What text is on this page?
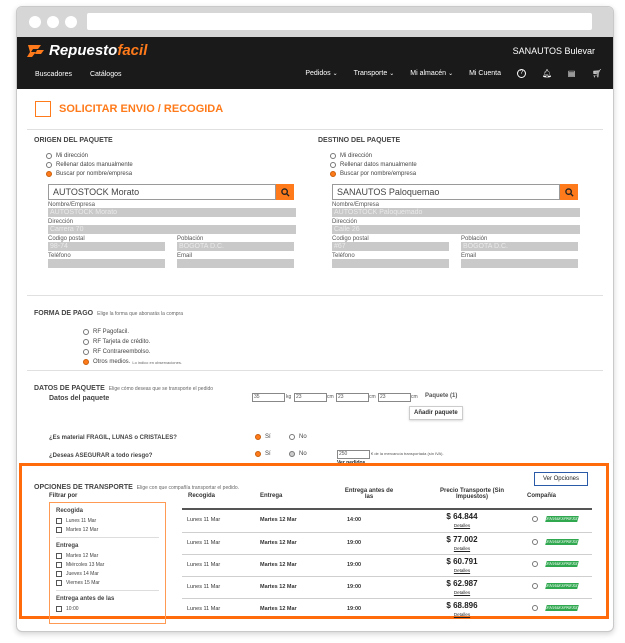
Repuestofacil	SANAUTOS Bulevar
Buscadores	Catálogos	Pedidos ⌄ Transporte ⌄ Mi almacén ⌄ Mi Cuenta	?	🔔︎ ▤ 🛒︎
SOLICITAR ENVIO / RECOGIDA
ORIGEN DEL PAQUETE
Mi dirección
Rellenar datos manualmente
Buscar por nombre/empresa
AUTOSTOCK Morato
Nombre/Empresa
AUTOSTOCK Morato
Dirección
Carrera 70
Codigo postal
98-74
Población
BOGOTA D.C.
Teléfono	Email
DESTINO DEL PAQUETE
Mi dirección
Rellenar datos manualmente
Buscar por nombre/empresa
SANAUTOS Paloquemao
Nombre/Empresa
AUTOSTOCK Paloquemado
Dirección
Calle 26
Codigo postal
#67
Población
BOGOTA D.C.
Teléfono	Email
FORMA DE PAGO Elige la forma que abonarás la compra
RF Pagofacil.
RF Tarjeta de crédito.
RF Contrareembolso.
Otros medios. Lo indico en observaciones.
DATOS DE PAQUETE Elige cómo deseas que se transporte el pedido
Datos del paquete	35	kg 23	cm 23	cm 23	cm Paquete (1)
Añadir paquete
¿Es material FRAGIL, LUNAS o CRISTALES?	Sí	No
¿Deseas ASEGURAR a todo riesgo?	Sí	No	250	€ de la mercancía transportada (sin IVA).
OPCIONES DE TRANSPORTE Elige con que compañía transportar el pedido.
Ver Opciones
Filtrar por
Recogida
Lunes 11 Mar
Martes 12 Mar
Entrega
Martes 12 Mar
Miércoles 13 Mar
Jueves 14 Mar
Viernes 15 Mar
Entrega antes de las
10:00
Recogida	Entrega
Entrega antes de las
Precio Transporte (Sin Impuestos)	Compañía
Lunes 11 Mar	Martes 12 Mar	14:00	$ 64.844
Detalles
ENVIAEXPRESS
Lunes 11 Mar	Martes 12 Mar	19:00	$ 77.002
Detalles
ENVIAEXPRESS
Lunes 11 Mar	Martes 12 Mar	19:00	$ 60.791
Detalles
ENVIAEXPRESS
Lunes 11 Mar	Martes 12 Mar	19:00	$ 62.987
Detalles
ENVIAEXPRESS
Lunes 11 Mar	Martes 12 Mar	19:00	$ 68.896
Detalles
ENVIAEXPRESS
